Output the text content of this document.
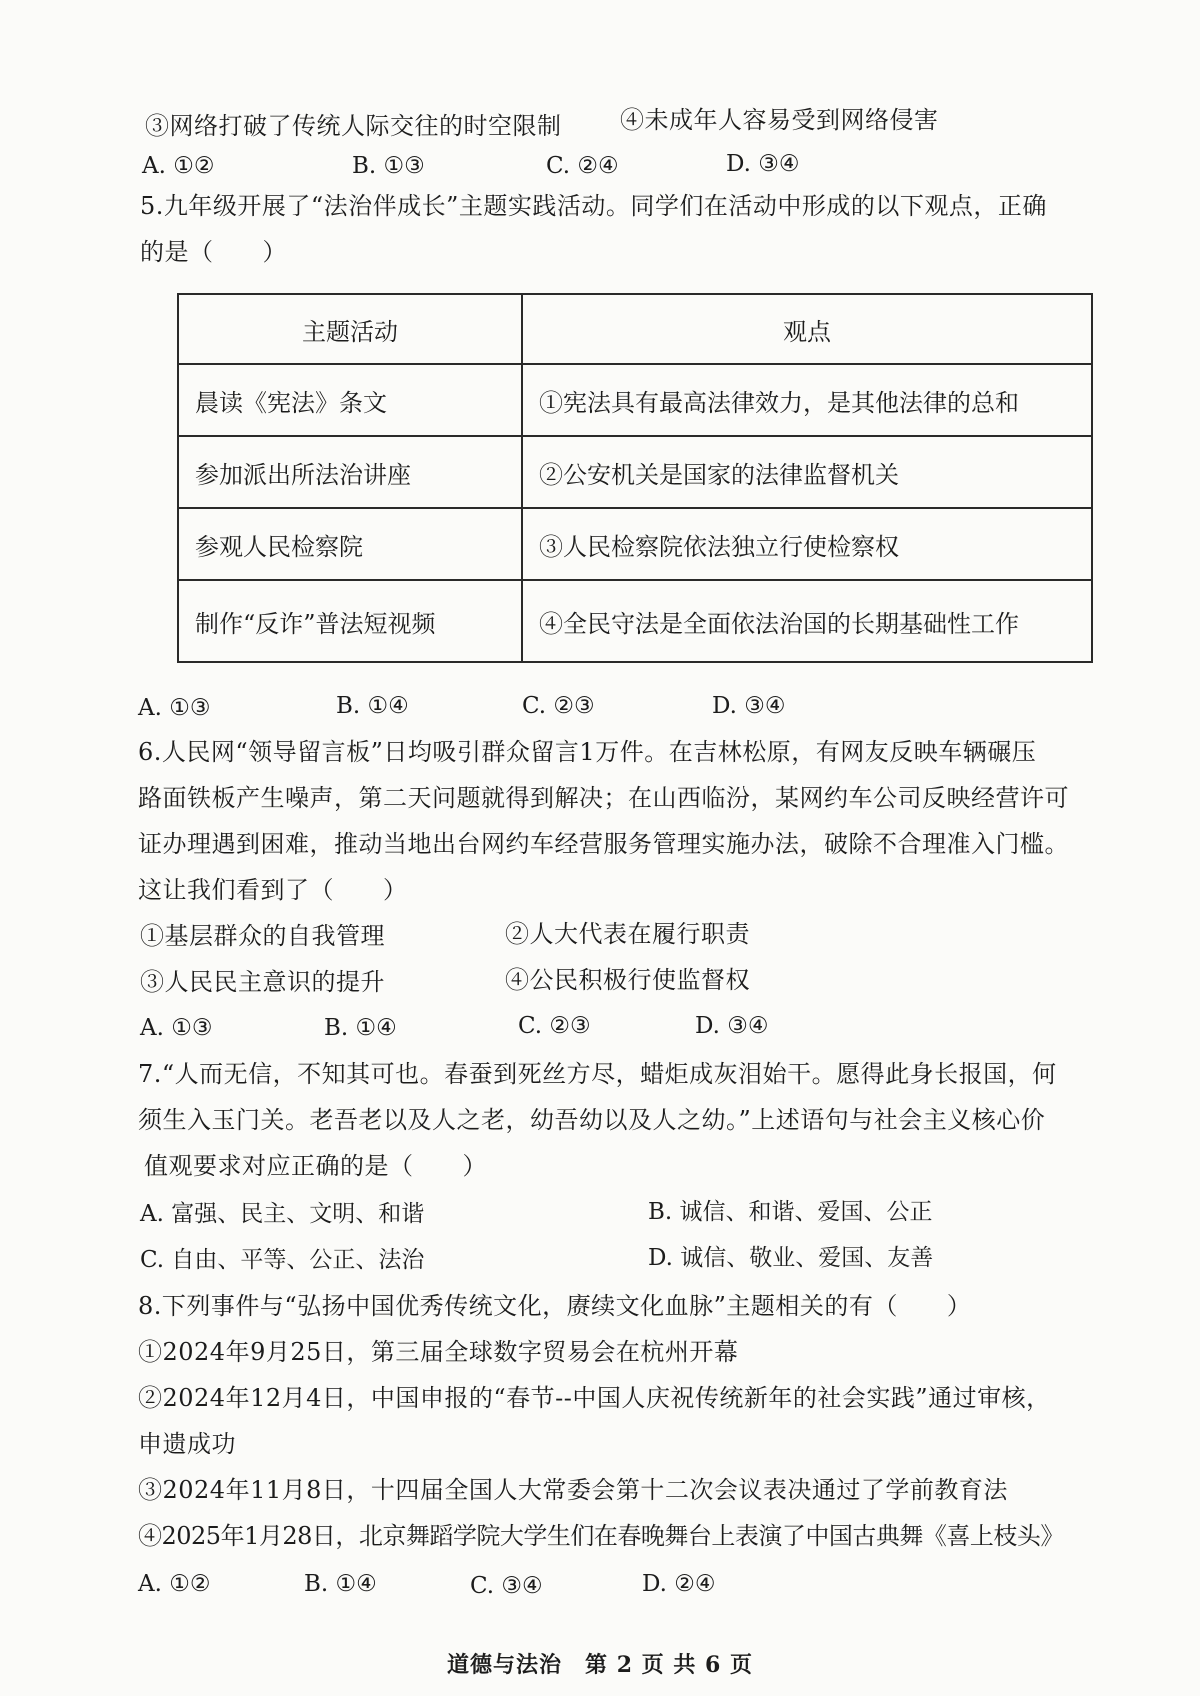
③网络打破了传统人际交往的时空限制 ④未成年人容易受到网络侵害
A. ①②	B. ①③	C. ②④	D. ③④
5.九年级开展了“法治伴成长”主题实践活动。同学们在活动中形成的以下观点，正确
的是（　　）
主题活动	观点
晨读《宪法》条文	①宪法具有最高法律效力，是其他法律的总和
参加派出所法治讲座	②公安机关是国家的法律监督机关
参观人民检察院	③人民检察院依法独立行使检察权
制作“反诈”普法短视频	④全民守法是全面依法治国的长期基础性工作
A. ①③	B. ①④	C. ②③	D. ③④
6.人民网“领导留言板”日均吸引群众留言1万件。在吉林松原，有网友反映车辆碾压
路面铁板产生噪声，第二天问题就得到解决；在山西临汾，某网约车公司反映经营许可
证办理遇到困难，推动当地出台网约车经营服务管理实施办法，破除不合理准入门槛。
这让我们看到了（　　）
①基层群众的自我管理	②人大代表在履行职责
③人民民主意识的提升	④公民积极行使监督权
A. ①③	B. ①④	C. ②③	D. ③④
7.“人而无信，不知其可也。春蚕到死丝方尽，蜡炬成灰泪始干。愿得此身长报国，何
须生入玉门关。老吾老以及人之老，幼吾幼以及人之幼。”上述语句与社会主义核心价
值观要求对应正确的是（　　）
A. 富强、民主、文明、和谐	B. 诚信、和谐、爱国、公正
C. 自由、平等、公正、法治	D. 诚信、敬业、爱国、友善
8.下列事件与“弘扬中国优秀传统文化，赓续文化血脉”主题相关的有（　　）
①2024年9月25日，第三届全球数字贸易会在杭州开幕
②2024年12月4日，中国申报的“春节--中国人庆祝传统新年的社会实践”通过审核，
申遗成功
③2024年11月8日，十四届全国人大常委会第十二次会议表决通过了学前教育法
④2025年1月28日，北京舞蹈学院大学生们在春晚舞台上表演了中国古典舞《喜上枝头》
A. ①②	B. ①④	C. ③④	D. ②④
道德与法治　第 2 页 共 6 页
